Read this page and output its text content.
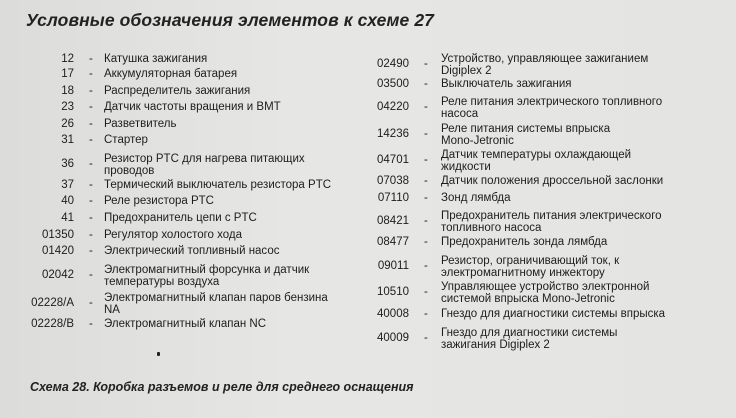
Условные обозначения элементов к схеме 27
12 - Катушка зажигания
17 - Аккумуляторная батарея
18 - Распределитель зажигания
23 - Датчик частоты вращения и ВМТ
26 - Разветвитель
31 - Стартер
36 - Резистор PTC для нагрева питающих
проводов
37 - Термический выключатель резистора PTC
40 - Реле резистора PTC
41 - Предохранитель цепи с PTC
01350 - Регулятор холостого хода
01420 - Электрический топливный насос
02042 - Электромагнитный форсунка и датчик
температуры воздуха
02228/A - Электромагнитный клапан паров бензина
NA
02228/B - Электромагнитный клапан NC
02490 - Устройство, управляющее зажиганием
Digiplex 2
03500 - Выключатель зажигания
04220 - Реле питания электрического топливного
насоса
14236 - Реле питания системы впрыска
Mono-Jetronic
04701 - Датчик температуры охлаждающей
жидкости
07038 - Датчик положения дроссельной заслонки
07110 - Зонд лямбда
08421 - Предохранитель питания электрического
топливного насоса
08477 - Предохранитель зонда лямбда
09011 - Резистор, ограничивающий ток, к
электромагнитному инжектору
10510 - Управляющее устройство электронной
системой впрыска Mono-Jetronic
40008 - Гнездо для диагностики системы впрыска
40009 - Гнездо для диагностики системы
зажигания Digiplex 2
Схема 28. Коробка разъемов и реле для среднего оснащения
